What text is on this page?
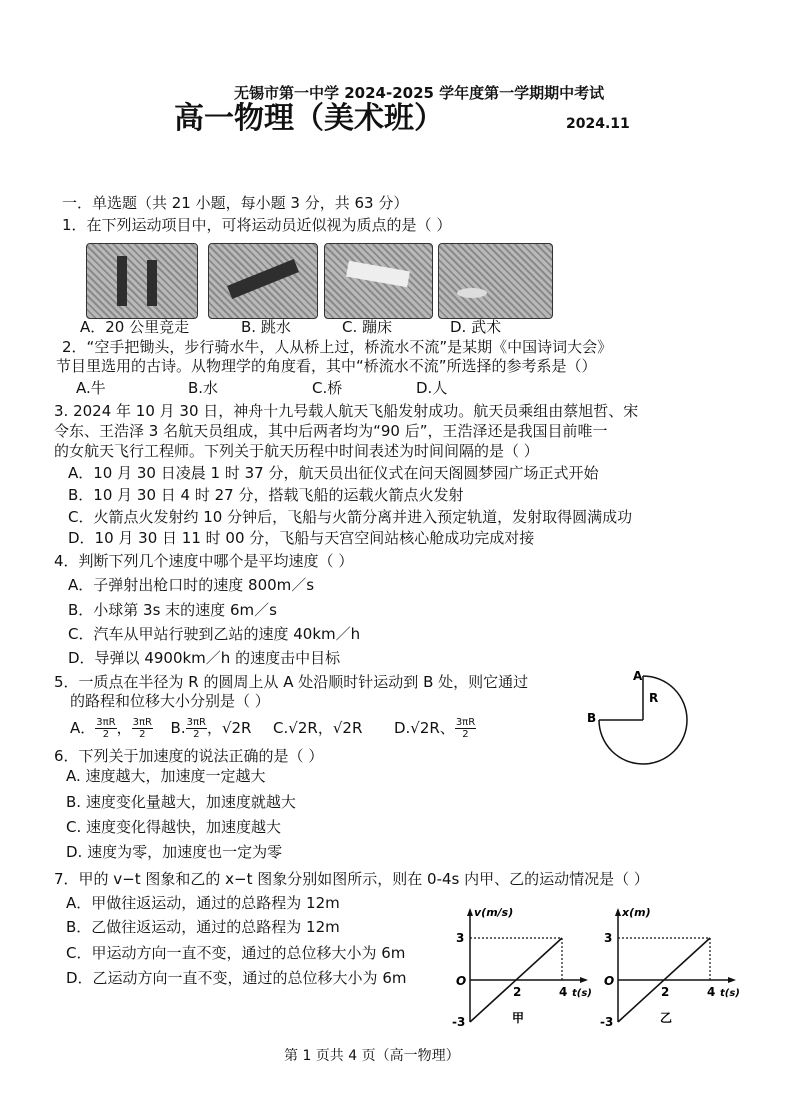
无锡市第一中学 2024-2025 学年度第一学期期中考试
高一物理（美术班）	2024.11
一．单选题（共 21 小题，每小题 3 分，共 63 分）
1．在下列运动项目中，可将运动员近似视为质点的是（ ）
A．20 公里竞走	B. 跳水	C. 蹦床	D. 武术
2．“空手把锄头，步行骑水牛，人从桥上过，桥流水不流”是某期《中国诗词大会》
节目里选用的古诗。从物理学的角度看，其中“桥流水不流”所选择的参考系是（）
A.牛	B.水	C.桥	D.人
3. 2024 年 10 月 30 日，神舟十九号载人航天飞船发射成功。航天员乘组由蔡旭哲、宋
令东、王浩泽 3 名航天员组成，其中后两者均为“90 后”，王浩泽还是我国目前唯一
的女航天飞行工程师。下列关于航天历程中时间表述为时间间隔的是（ ）
A．10 月 30 日凌晨 1 时 37 分，航天员出征仪式在问天阁圆梦园广场正式开始
B．10 月 30 日 4 时 27 分，搭载飞船的运载火箭点火发射
C．火箭点火发射约 10 分钟后，飞船与火箭分离并进入预定轨道，发射取得圆满成功
D．10 月 30 日 11 时 00 分，飞船与天宫空间站核心舱成功完成对接
4．判断下列几个速度中哪个是平均速度（ ）
A．子弹射出枪口时的速度 800m／s
B．小球第 3s 末的速度 6m／s
C．汽车从甲站行驶到乙站的速度 40km／h
D．导弹以 4900km／h 的速度击中目标
5．一质点在半径为 R 的圆周上从 A 处沿顺时针运动到 B 处，则它通过
的路程和位移大小分别是（ ）
A． $\frac{3\pi R}{2}$ ， $\frac{3\pi R}{2} B$. $\frac{3\pi R}{2}$ ，√2R C.√2R，√2R D.√2R、 $\frac{3\pi R}{2}$
A
B
R
6．下列关于加速度的说法正确的是（ ）
A. 速度越大，加速度一定越大
B. 速度变化量越大，加速度就越大
C. 速度变化得越快，加速度越大
D. 速度为零，加速度也一定为零
7．甲的 v−t 图象和乙的 x−t 图象分别如图所示，则在 0-4s 内甲、乙的运动情况是（ ）
A．甲做往返运动，通过的总路程为 12m
B．乙做往返运动，通过的总路程为 12m
C．甲运动方向一直不变，通过的总位移大小为 6m
D．乙运动方向一直不变，通过的总位移大小为 6m
v(m/s)
t(s)
3
-3
O
2	4
甲
x(m)
t(s)
3
-3
O
2	4
乙
第 1 页共 4 页（高一物理）
